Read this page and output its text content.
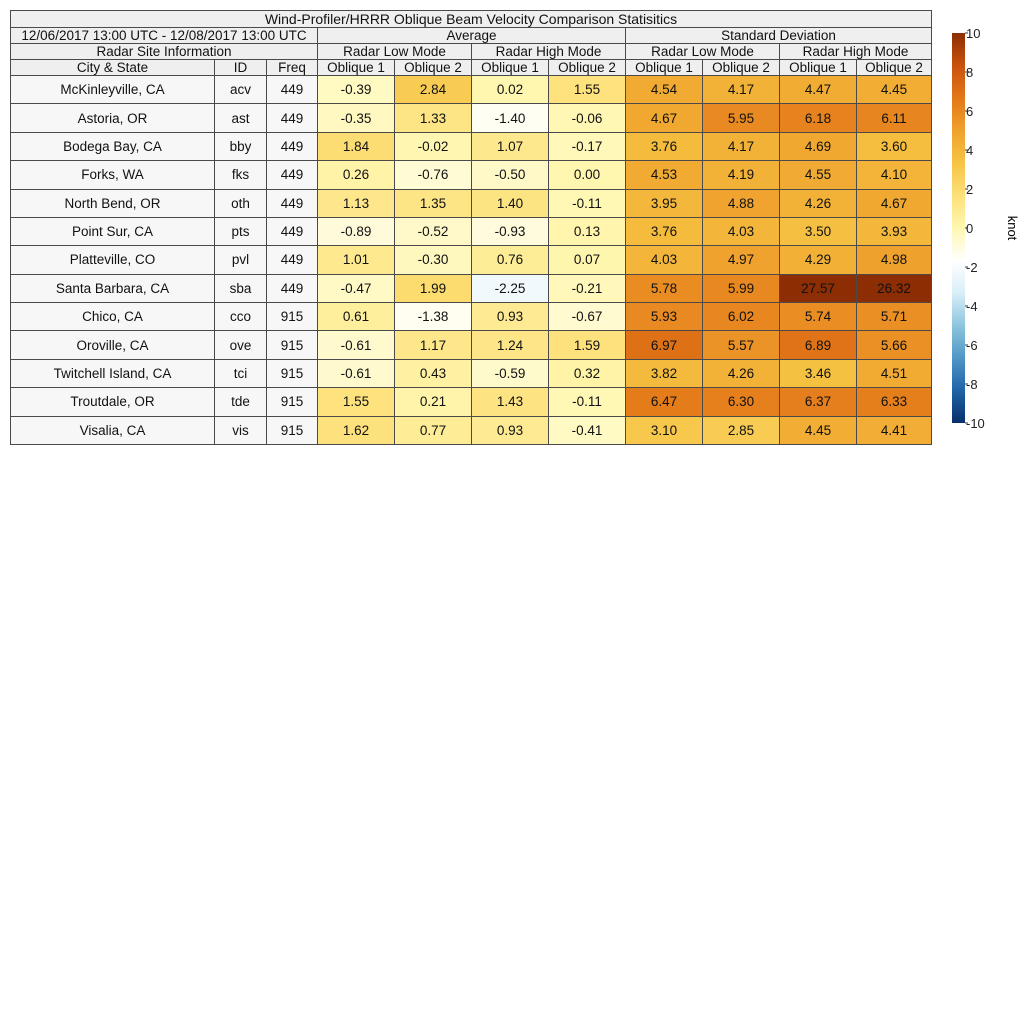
Wind-Profiler/HRRR Oblique Beam Velocity Comparison Statisitics										
12/06/2017 13:00 UTC - 12/08/2017 13:00 UTC			Average				Standard Deviation			
Radar Site Information			Radar Low Mode		Radar High Mode		Radar Low Mode		Radar High Mode	
City & State	ID	Freq	Oblique 1	Oblique 2	Oblique 1	Oblique 2	Oblique 1	Oblique 2	Oblique 1	Oblique 2
McKinleyville, CA	acv	449	-0.39	2.84	0.02	1.55	4.54	4.17	4.47	4.45
Astoria, OR	ast	449	-0.35	1.33	-1.40	-0.06	4.67	5.95	6.18	6.11
Bodega Bay, CA	bby	449	1.84	-0.02	1.07	-0.17	3.76	4.17	4.69	3.60
Forks, WA	fks	449	0.26	-0.76	-0.50	0.00	4.53	4.19	4.55	4.10
North Bend, OR	oth	449	1.13	1.35	1.40	-0.11	3.95	4.88	4.26	4.67
Point Sur, CA	pts	449	-0.89	-0.52	-0.93	0.13	3.76	4.03	3.50	3.93
Platteville, CO	pvl	449	1.01	-0.30	0.76	0.07	4.03	4.97	4.29	4.98
Santa Barbara, CA	sba	449	-0.47	1.99	-2.25	-0.21	5.78	5.99	27.57	26.32
Chico, CA	cco	915	0.61	-1.38	0.93	-0.67	5.93	6.02	5.74	5.71
Oroville, CA	ove	915	-0.61	1.17	1.24	1.59	6.97	5.57	6.89	5.66
Twitchell Island, CA	tci	915	-0.61	0.43	-0.59	0.32	3.82	4.26	3.46	4.51
Troutdale, OR	tde	915	1.55	0.21	1.43	-0.11	6.47	6.30	6.37	6.33
Visalia, CA	vis	915	1.62	0.77	0.93	-0.41	3.10	2.85	4.45	4.41
10
8
6
4
2
0
-2
-4
-6
-8
-10
knot
